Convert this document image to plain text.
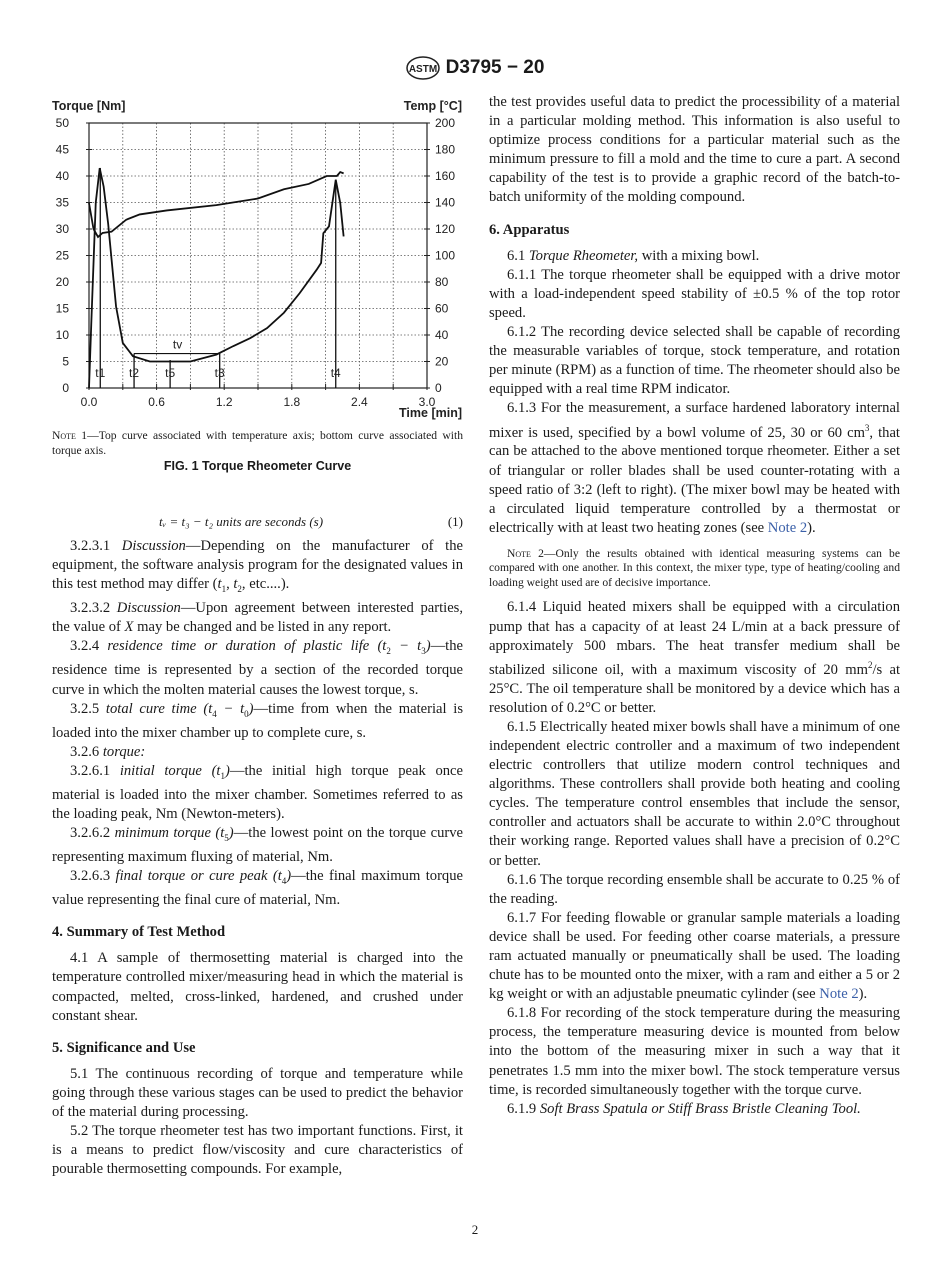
ASTM D3795 − 20
0
5
10
15
20
25
30
35
40
45
50
0
20
40
60
80
100
120
140
160
180
200
0.0	0.6	1.2	1.8	2.4	3.0
Torque [Nm]	Temp [°C]
Time [min]
t1 t2 t5	t3	t4
tv
Note 1—Top curve associated with temperature axis; bottom curve associated with torque axis.
FIG. 1 Torque Rheometer Curve
tᵥ = t₃ − t₂ units are seconds (s)	(1)
3.2.3.1 Discussion—Depending on the manufacturer of the equipment, the software analysis program for the designated values in this test method may differ ($t_1$, $t_2$, etc....).
3.2.3.2 Discussion—Upon agreement between interested parties, the value of X may be changed and be listed in any report.
3.2.4 residence time or duration of plastic life ($t_2$ − $t_3)—the$ residence time is represented by a section of the recorded torque curve in which the molten material causes the lowest torque, s.
3.2.5 total cure time ($t_4$ − $t_0)—time$ from when the material is loaded into the mixer chamber up to complete cure, s.
3.2.6 torque:
3.2.6.1 initial torque $(t_1)—the$ initial high torque peak once material is loaded into the mixer chamber. Sometimes referred to as the loading peak, Nm (Newton-meters).
3.2.6.2 minimum torque $(t_5)—the$ lowest point on the torque curve representing maximum fluxing of material, Nm.
3.2.6.3 final torque or cure peak $(t_4)—the$ final maximum torque value representing the final cure of material, Nm.
4. Summary of Test Method
4.1 A sample of thermosetting material is charged into the temperature controlled mixer/measuring head in which the material is compacted, melted, cross-linked, hardened, and crushed under constant shear.
5. Significance and Use
5.1 The continuous recording of torque and temperature while going through these various stages can be used to predict the behavior of the material during processing.
5.2 The torque rheometer test has two important functions. First, it is a means to predict flow/viscosity and cure characteristics of pourable thermosetting compounds. For example,
the test provides useful data to predict the processibility of a material in a particular molding method. This information is also useful to optimize process conditions for a particular material such as the minimum pressure to fill a mold and the time to cure a part. A second capability of the test is to provide a graphic record of the batch-to-batch uniformity of the molding compound.
6. Apparatus
6.1 Torque Rheometer, with a mixing bowl.
6.1.1 The torque rheometer shall be equipped with a drive motor with a load-independent speed stability of ±0.5 % of the top rotor speed.
6.1.2 The recording device selected shall be capable of recording the measurable variables of torque, stock temperature, and rotation per minute (RPM) as a function of time. The rheometer should also be equipped with a real time RPM indicator.
6.1.3 For the measurement, a surface hardened laboratory internal mixer is used, specified by a bowl volume of 25, 30 or 60 $cm^3$, that can be attached to the above mentioned torque rheometer. Either a set of triangular or roller blades shall be used counter-rotating with a speed ratio of 3:2 (left to right). (The mixer bowl may be heated with a circulated liquid temperature controlled by a thermostat or electrically with at least two heating zones (see Note 2).
Note 2—Only the results obtained with identical measuring systems can be compared with one another. In this context, the mixer type, type of heating/cooling and loading weight used are of decisive importance.
6.1.4 Liquid heated mixers shall be equipped with a circulation pump that has a capacity of at least 24 L/min at a back pressure of approximately 500 mbars. The heat transfer medium shall be stabilized silicone oil, with a maximum viscosity of 20 $mm^2/s$ at 25°C. The oil temperature shall be monitored by a device which has a resolution of 0.2°C or better.
6.1.5 Electrically heated mixer bowls shall have a minimum of one independent electric controller and a maximum of two independent electric controllers that utilize modern control techniques and algorithms. These controllers shall provide both heating and cooling cycles. The temperature control ensembles that include the sensor, controller and actuators shall be accurate to within 2.0°C throughout their working range. Reported values shall have a precision of 0.2°C or better.
6.1.6 The torque recording ensemble shall be accurate to 0.25 % of the reading.
6.1.7 For feeding flowable or granular sample materials a loading device shall be used. For feeding other coarse materials, a pressure ram actuated manually or pneumatically shall be used. The loading chute has to be mounted onto the mixer, with a ram and either a 5 or 2 kg weight or with an adjustable pneumatic cylinder (see Note 2).
6.1.8 For recording of the stock temperature during the measuring process, the temperature measuring device is mounted from below into the bottom of the measuring mixer in such a way that it penetrates 1.5 mm into the mixer bowl. The stock temperature versus time, is recorded simultaneously together with the torque curve.
6.1.9 Soft Brass Spatula or Stiff Brass Bristle Cleaning Tool.
2
